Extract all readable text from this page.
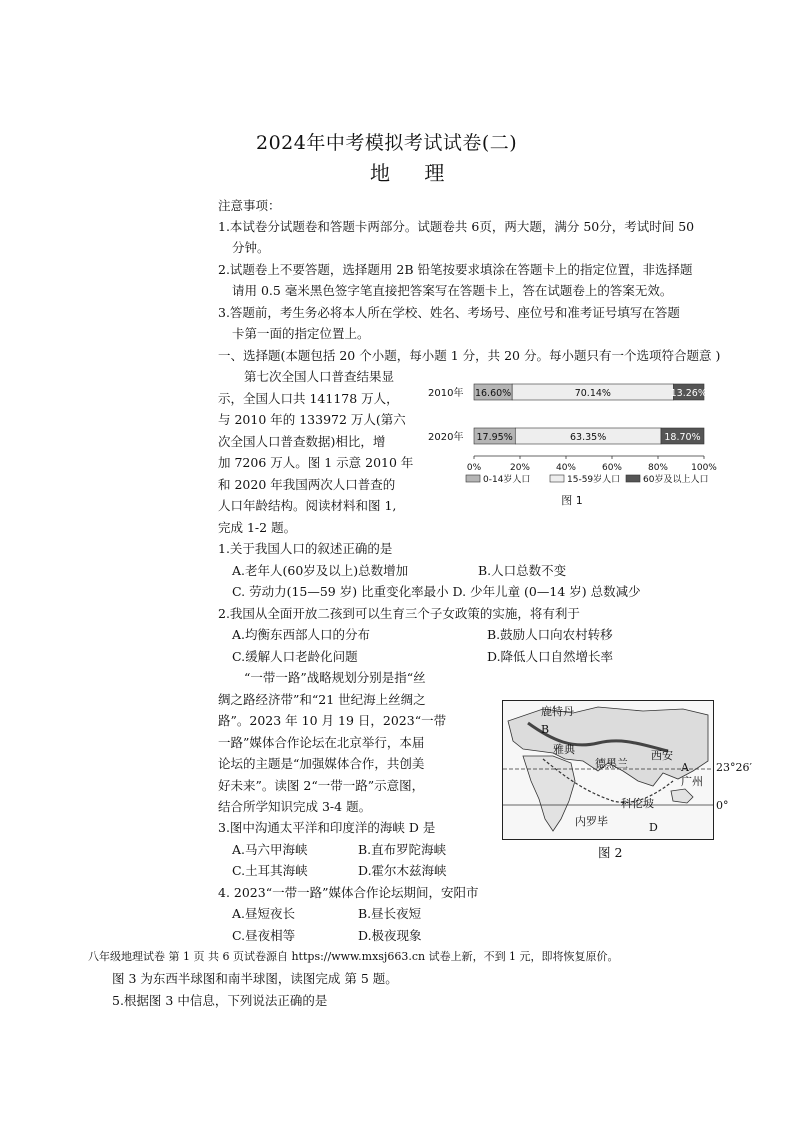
2024年中考模拟考试试卷(二)
地 理
注意事项：
1.本试卷分试题卷和答题卡两部分。试题卷共 6页，两大题，满分 50分，考试时间 50
分钟。
2.试题卷上不要答题，选择题用 2B 铅笔按要求填涂在答题卡上的指定位置，非选择题
请用 0.5 毫米黑色签字笔直接把答案写在答题卡上，答在试题卷上的答案无效。
3.答题前，考生务必将本人所在学校、姓名、考场号、座位号和准考证号填写在答题
卡第一面的指定位置上。
一、选择题(本题包括 20 个小题，每小题 1 分，共 20 分。每小题只有一个选项符合题意 )
第七次全国人口普查结果显
示，全国人口共 141178 万人，
与 2010 年的 133972 万人(第六
次全国人口普查数据)相比，增
加 7206 万人。图 1 示意 2010 年
和 2020 年我国两次人口普查的
人口年龄结构。阅读材料和图 1,
完成 1-2 题。
16.60%	70.14%	13.26%
17.95%	63.35%	18.70%
2010年
2020年
0%	20%	40%	60%	80%	100%
0-14岁人口	15-59岁人口	60岁及以上人口
图 1
1.关于我国人口的叙述正确的是
A.老年人(60岁及以上)总数增加	B.人口总数不变
C. 劳动力(15—59 岁) 比重变化率最小 D. 少年儿童 (0—14 岁) 总数减少
2.我国从全面开放二孩到可以生育三个子女政策的实施，将有利于
A.均衡东西部人口的分布	B.鼓励人口向农村转移
C.缓解人口老龄化问题	D.降低人口自然增长率
“一带一路”战略规划分别是指“丝
绸之路经济带”和“21 世纪海上丝绸之
路”。2023 年 10 月 19 日，2023“一带
一路”媒体合作论坛在北京举行，本届
论坛的主题是“加强媒体合作，共创美
好未来”。读图 2“一带一路”示意图，
结合所学知识完成 3-4 题。
鹿特丹
B
雅典
德黑兰
西安
A
广州
科伦坡
D
内罗毕
23°26′
0°
图 2
3.图中沟通太平洋和印度洋的海峡 D 是
A.马六甲海峡	B.直布罗陀海峡
C.土耳其海峡	D.霍尔木兹海峡
4. 2023“一带一路”媒体合作论坛期间，安阳市
A.昼短夜长	B.昼长夜短
C.昼夜相等	D.极夜现象
八年级地理试卷 第 1 页 共 6 页试卷源自 https://www.mxsj663.cn 试卷上新，不到 1 元，即将恢复原价。
图 3 为东西半球图和南半球图，读图完成 第 5 题。
5.根据图 3 中信息，下列说法正确的是
